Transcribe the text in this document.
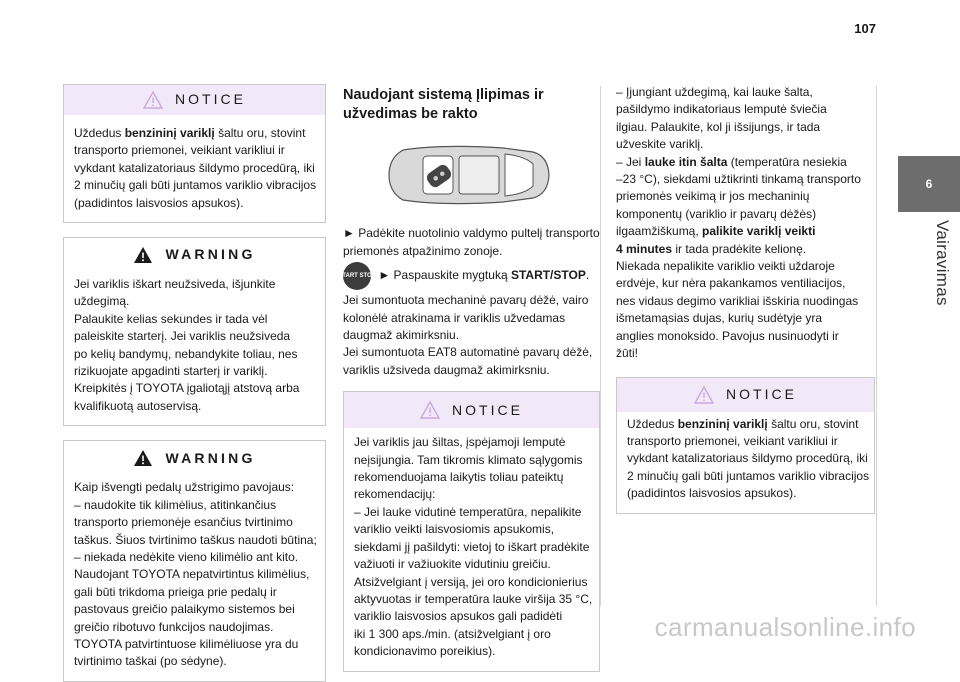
107
6
Vairavimas
NOTICE
Uždedus benzininį variklį šaltu oru, stovint
transporto priemonei, veikiant varikliui ir
vykdant katalizatoriaus šildymo procedūrą, iki
2 minučių gali būti juntamos variklio vibracijos
(padidintos laisvosios apsukos).
WARNING
Jei variklis iškart neužsiveda, išjunkite
uždegimą.
Palaukite kelias sekundes ir tada vėl
paleiskite starterį. Jei variklis neužsiveda
po kelių bandymų, nebandykite toliau, nes
rizikuojate apgadinti starterį ir variklį.
Kreipkitės į TOYOTA įgaliotąjį atstovą arba
kvalifikuotą autoservisą.
WARNING
Kaip išvengti pedalų užstrigimo pavojaus:
– naudokite tik kilimėlius, atitinkančius
transporto priemonėje esančius tvirtinimo
taškus. Šiuos tvirtinimo taškus naudoti būtina;
– niekada nedėkite vieno kilimėlio ant kito.
Naudojant TOYOTA nepatvirtintus kilimėlius,
gali būti trikdoma prieiga prie pedalų ir
pastovaus greičio palaikymo sistemos bei
greičio ribotuvo funkcijos naudojimas.
TOYOTA patvirtintuose kilimėliuose yra du
tvirtinimo taškai (po sėdyne).
Naudojant sistemą Įlipimas ir
užvedimas be rakto
► Padėkite nuotolinio valdymo pultelį transporto
priemonės atpažinimo zonoje.
START STOP ► Paspauskite mygtuką START/STOP.
Jei sumontuota mechaninė pavarų dėžė, vairo
kolonėlė atrakinama ir variklis užvedamas
daugmaž akimirksniu.
Jei sumontuota EAT8 automatinė pavarų dėžė,
variklis užsiveda daugmaž akimirksniu.
NOTICE
Jei variklis jau šiltas, įspėjamoji lemputė
neįsijungia. Tam tikromis klimato sąlygomis
rekomenduojama laikytis toliau pateiktų
rekomendacijų:
– Jei lauke vidutinė temperatūra, nepalikite
variklio veikti laisvosiomis apsukomis,
siekdami jį pašildyti: vietoj to iškart pradėkite
važiuoti ir važiuokite vidutiniu greičiu.
Atsižvelgiant į versiją, jei oro kondicionierius
aktyvuotas ir temperatūra lauke viršija 35 °C,
variklio laisvosios apsukos gali padidėti
iki 1 300 aps./min. (atsižvelgiant į oro
kondicionavimo poreikius).
– Įjungiant uždegimą, kai lauke šalta,
pašildymo indikatoriaus lemputė šviečia
ilgiau. Palaukite, kol ji išsijungs, ir tada
užveskite variklį.
– Jei lauke itin šalta (temperatūra nesiekia
–23 °C), siekdami užtikrinti tinkamą transporto
priemonės veikimą ir jos mechaninių
komponentų (variklio ir pavarų dėžės)
ilgaamžiškumą, palikite variklį veikti
4 minutes ir tada pradėkite kelionę.
Niekada nepalikite variklio veikti uždaroje
erdvėje, kur nėra pakankamos ventiliacijos,
nes vidaus degimo varikliai išskiria nuodingas
išmetamąsias dujas, kurių sudėtyje yra
anglies monoksido. Pavojus nusinuodyti ir
žūti!
NOTICE
Uždedus benzininį variklį šaltu oru, stovint
transporto priemonei, veikiant varikliui ir
vykdant katalizatoriaus šildymo procedūrą, iki
2 minučių gali būti juntamos variklio vibracijos
(padidintos laisvosios apsukos).
carmanualsonline.info
